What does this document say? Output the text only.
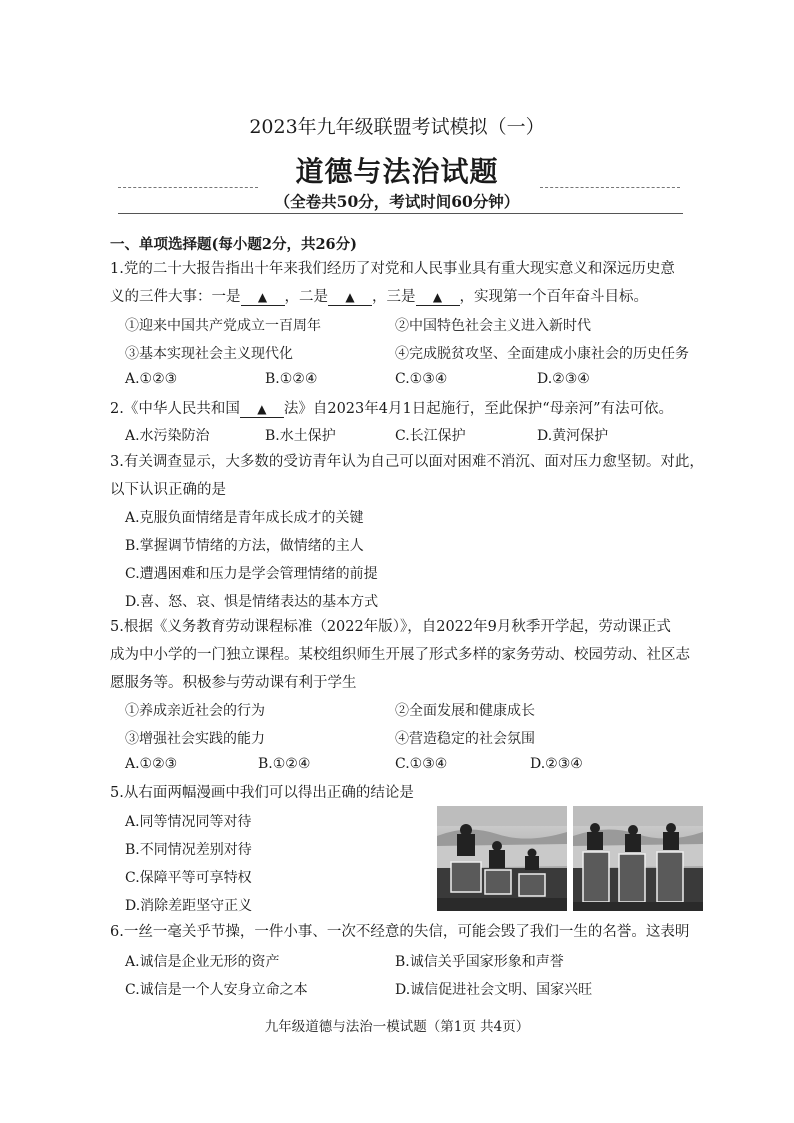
2023年九年级联盟考试模拟（一）
道德与法治试题
（全卷共50分，考试时间60分钟）
一、单项选择题(每小题2分，共26分)
1.党的二十大报告指出十年来我们经历了对党和人民事业具有重大现实意义和深远历史意
义的三件大事：一是 ▲ ，二是 ▲ ，三是 ▲ ，实现第一个百年奋斗目标。
①迎来中国共产党成立一百周年	②中国特色社会主义进入新时代
③基本实现社会主义现代化	④完成脱贫攻坚、全面建成小康社会的历史任务
A.①②③	B.①②④	C.①③④	D.②③④
2.《中华人民共和国 ▲ 法》自2023年4月1日起施行，至此保护“母亲河”有法可依。
A.水污染防治	B.水土保护	C.长江保护	D.黄河保护
3.有关调查显示，大多数的受访青年认为自己可以面对困难不消沉、面对压力愈坚韧。对此，
以下认识正确的是
A.克服负面情绪是青年成长成才的关键
B.掌握调节情绪的方法，做情绪的主人
C.遭遇困难和压力是学会管理情绪的前提
D.喜、怒、哀、惧是情绪表达的基本方式
5.根据《义务教育劳动课程标准（2022年版）》，自2022年9月秋季开学起，劳动课正式
成为中小学的一门独立课程。某校组织师生开展了形式多样的家务劳动、校园劳动、社区志
愿服务等。积极参与劳动课有利于学生
①养成亲近社会的行为	②全面发展和健康成长
③增强社会实践的能力	④营造稳定的社会氛围
A.①②③	B.①②④	C.①③④	D.②③④
5.从右面两幅漫画中我们可以得出正确的结论是
A.同等情况同等对待
B.不同情况差别对待
C.保障平等可享特权
D.消除差距坚守正义
6.一丝一毫关乎节操，一件小事、一次不经意的失信，可能会毁了我们一生的名誉。这表明
A.诚信是企业无形的资产	B.诚信关乎国家形象和声誉
C.诚信是一个人安身立命之本	D.诚信促进社会文明、国家兴旺
九年级道德与法治一模试题（第1页 共4页）
